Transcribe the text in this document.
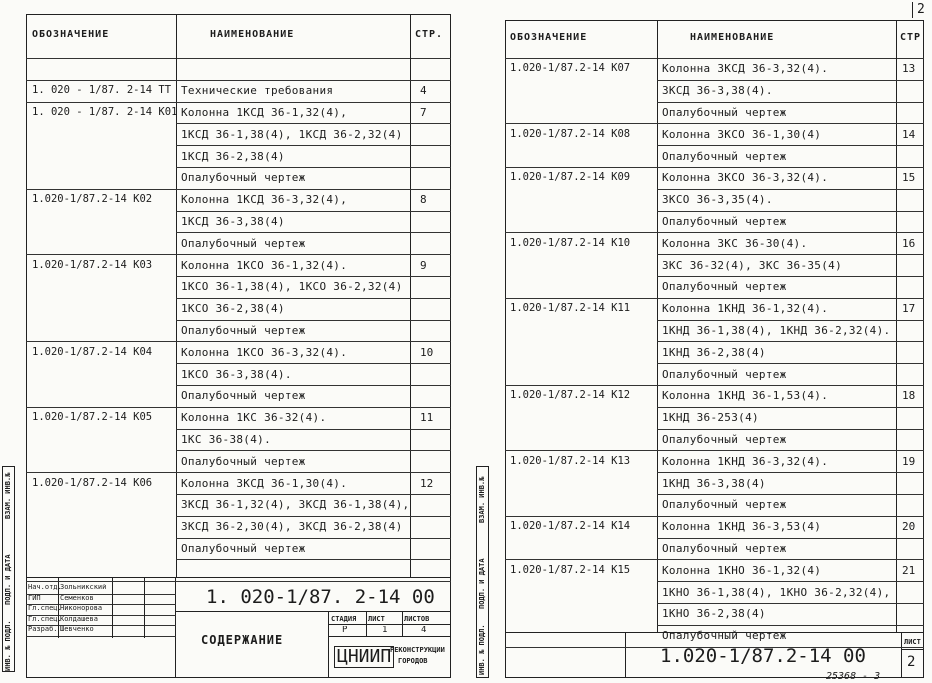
2
ИНВ. № ПОДЛ.
ПОДП. И ДАТА
ВЗАМ. ИНВ.№
ИНВ. № ПОДЛ.
ПОДП. И ДАТА
ВЗАМ. ИНВ.№
Нач.отд.
Зольникский
ГИП	Семенков
Гл.спец.
Никонорова
Гл.спец.
Колдашева
Разраб. Шевченко
1. 020-1/87. 2-14 00
СОДЕРЖАНИЕ
СТАДИЯ ЛИСТ	ЛИСТОВ
Р	1	4
ЦНИИП
РЕКОНСТРУКЦИИ
ГОРОДОВ	1.020-1/87.2-14 00
ЛИСТ
2
25368 - 3
ОБОЗНАЧЕНИЕ	НАИМЕНОВАНИЕ	СТР.
1. 020 - 1/87. 2-14 ТТ Технические требования	4
1. 020 - 1/87. 2-14 К01 Колонна 1КСД 36-1,32(4),	7
1КСД 36-1,38(4), 1КСД 36-2,32(4)
1КСД 36-2,38(4)
Опалубочный чертеж
1.020-1/87.2-14 К02	Колонна 1КСД 36-3,32(4),	8
1КСД 36-3,38(4)
Опалубочный чертеж
1.020-1/87.2-14 К03	Колонна 1КСО 36-1,32(4).	9
1КСО 36-1,38(4), 1КСО 36-2,32(4)
1КСО 36-2,38(4)
Опалубочный чертеж
1.020-1/87.2-14 К04	Колонна 1КСО 36-3,32(4).	10
1КСО 36-3,38(4).
Опалубочный чертеж
1.020-1/87.2-14 К05	Колонна 1КС 36-32(4).	11
1КС 36-38(4).
Опалубочный чертеж
1.020-1/87.2-14 К06	Колонна 3КСД 36-1,30(4).	12
3КСД 36-1,32(4), 3КСД 36-1,38(4),
3КСД 36-2,30(4), 3КСД 36-2,38(4)
Опалубочный чертеж
ОБОЗНАЧЕНИЕ	НАИМЕНОВАНИЕ	СТР
1.020-1/87.2-14 К07	Колонна 3КСД 36-3,32(4).	13
3КСД 36-3,38(4).
Опалубочный чертеж
1.020-1/87.2-14 К08	Колонна 3КСО 36-1,30(4)	14
Опалубочный чертеж
1.020-1/87.2-14 К09	Колонна 3КСО 36-3,32(4).	15
3КСО 36-3,35(4).
Опалубочный чертеж
1.020-1/87.2-14 К10	Колонна 3КС 36-30(4).	16
3КС 36-32(4), 3КС 36-35(4)
Опалубочный чертеж
1.020-1/87.2-14 К11	Колонна 1КНД 36-1,32(4).	17
1КНД 36-1,38(4), 1КНД 36-2,32(4).
1КНД 36-2,38(4)
Опалубочный чертеж
1.020-1/87.2-14 К12	Колонна 1КНД 36-1,53(4).	18
1КНД 36-253(4)
Опалубочный чертеж
1.020-1/87.2-14 К13	Колонна 1КНД 36-3,32(4).	19
1КНД 36-3,38(4)
Опалубочный чертеж
1.020-1/87.2-14 К14	Колонна 1КНД 36-3,53(4)	20
Опалубочный чертеж
1.020-1/87.2-14 К15	Колонна 1КНО 36-1,32(4)	21
1КНО 36-1,38(4), 1КНО 36-2,32(4),
1КНО 36-2,38(4)
Опалубочный чертеж
